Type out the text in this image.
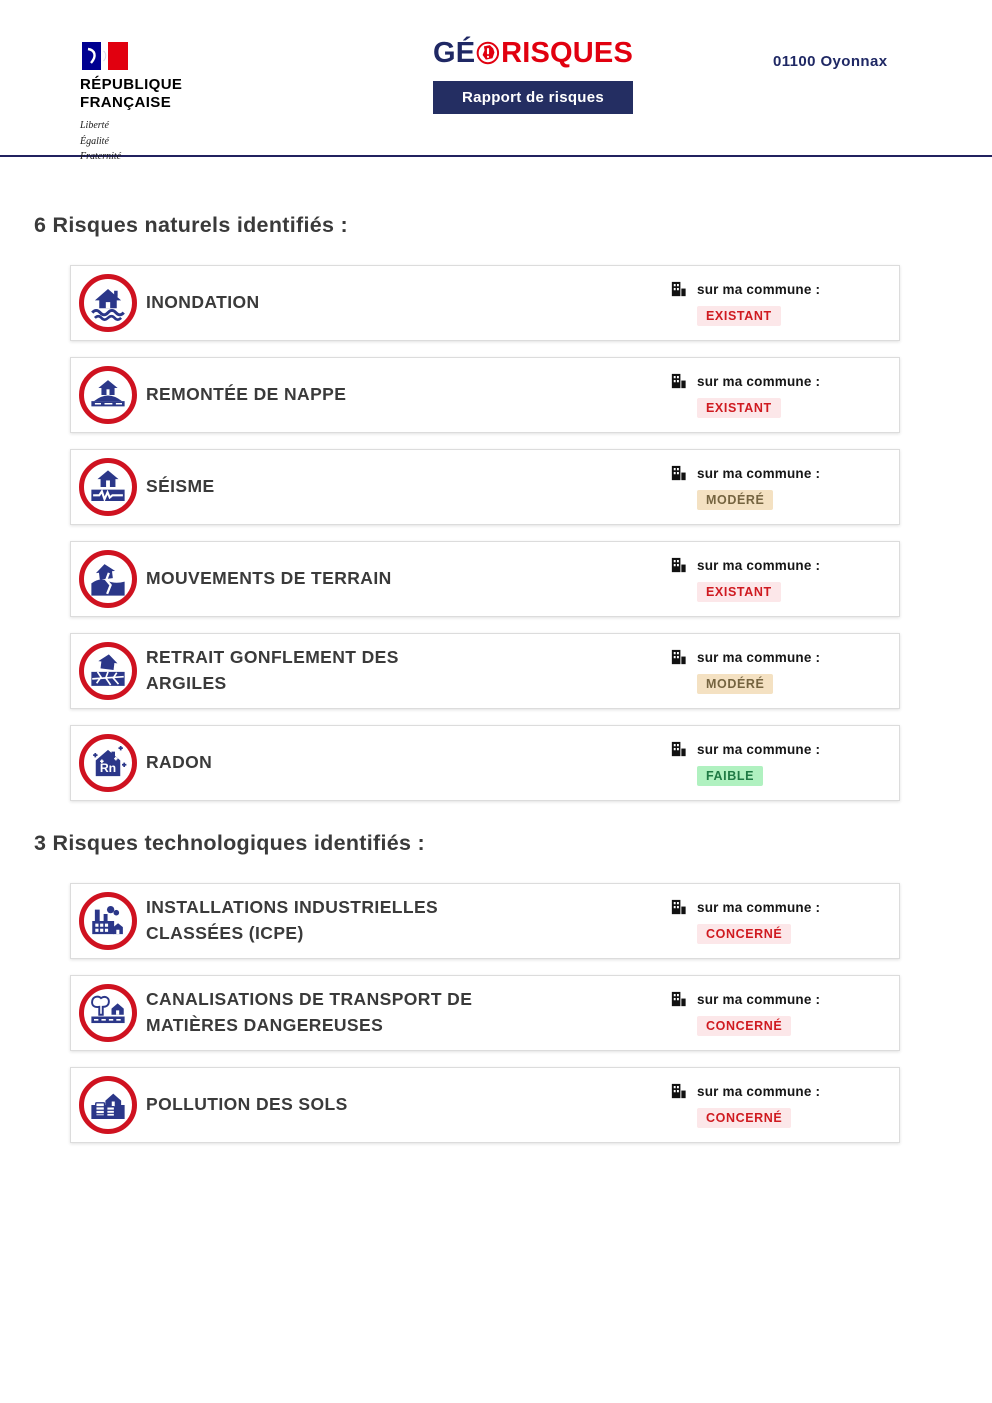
RÉPUBLIQUE
FRANÇAISE
Liberté
Égalité
Fraternité
GÉ RISQUES
Rapport de risques
01100 Oyonnax
6 Risques naturels identifiés :
INONDATION
sur ma commune :
EXISTANT
REMONTÉE DE NAPPE
sur ma commune :
EXISTANT
SÉISME
sur ma commune :
MODÉRÉ
MOUVEMENTS DE TERRAIN
sur ma commune :
EXISTANT
RETRAIT GONFLEMENT DES ARGILES
sur ma commune :
MODÉRÉ
Rn RADON
sur ma commune :
FAIBLE
3 Risques technologiques identifiés :
INSTALLATIONS INDUSTRIELLES CLASSÉES (ICPE)
sur ma commune :
CONCERNÉ
CANALISATIONS DE TRANSPORT DE MATIÈRES DANGEREUSES
sur ma commune :
CONCERNÉ
POLLUTION DES SOLS
sur ma commune :
CONCERNÉ
